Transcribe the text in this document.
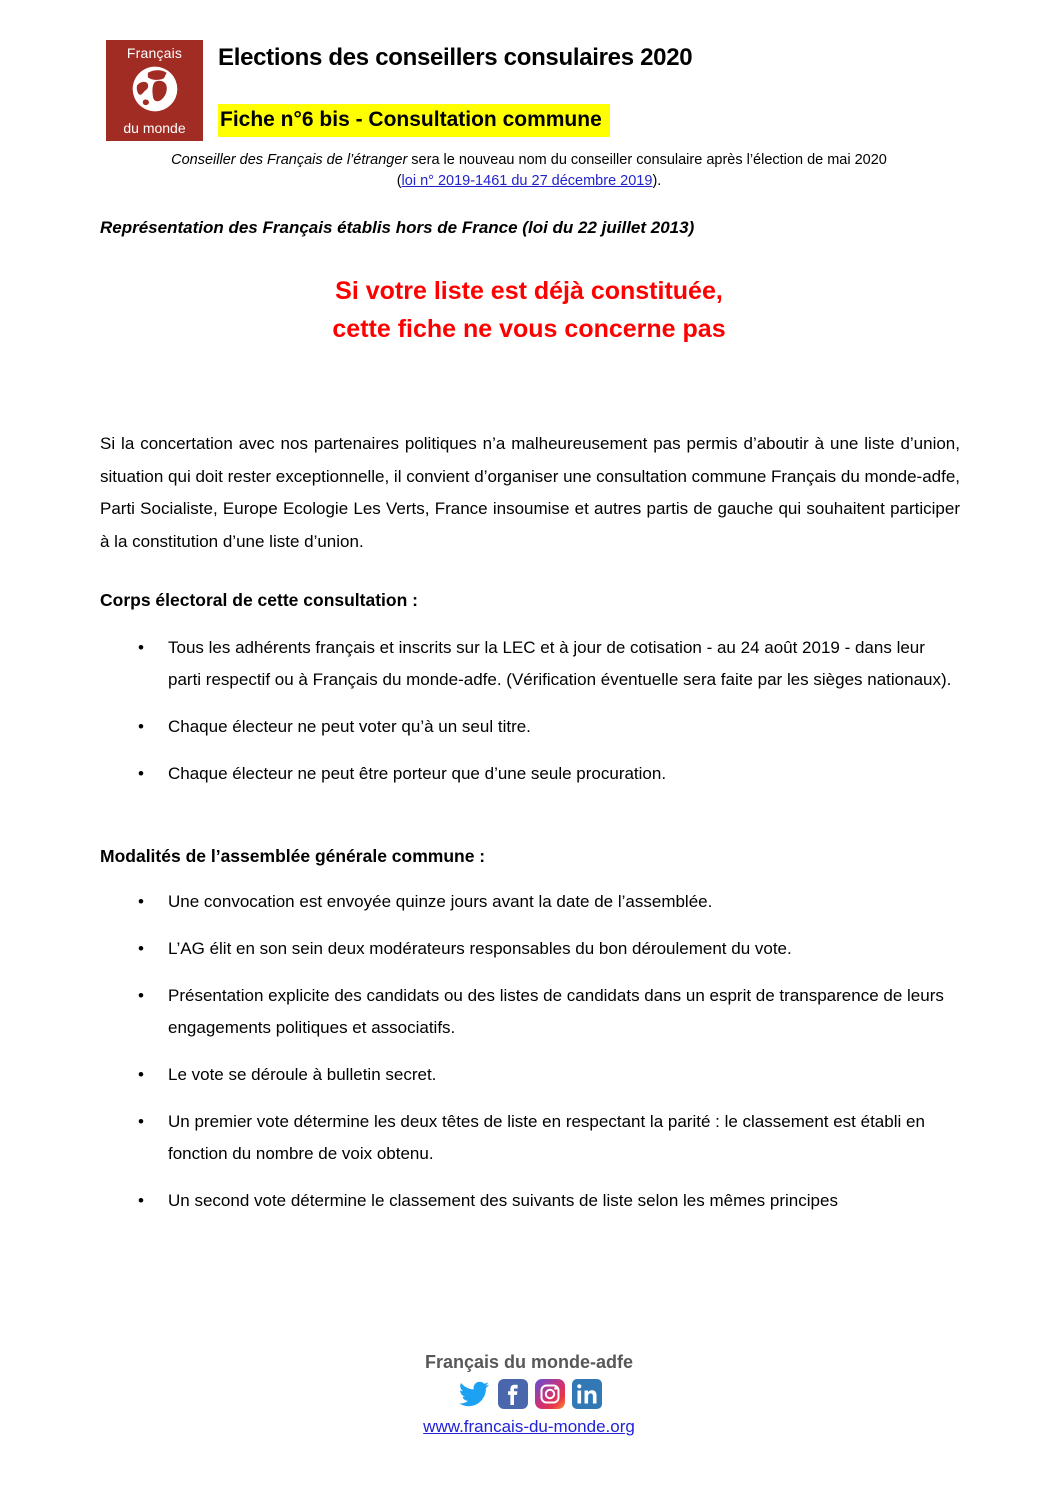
Français
du monde
Elections des conseillers consulaires 2020
Fiche n°6 bis - Consultation commune
Conseiller des Français de l’étranger sera le nouveau nom du conseiller consulaire après l’élection de mai 2020
(loi n° 2019-1461 du 27 décembre 2019).
Représentation des Français établis hors de France (loi du 22 juillet 2013)
Si votre liste est déjà constituée,
cette fiche ne vous concerne pas
Si la concertation avec nos partenaires politiques n’a malheureusement pas permis d’aboutir à une liste d’union, situation qui doit rester exceptionnelle, il convient d’organiser une consultation commune Français du monde-adfe, Parti Socialiste, Europe Ecologie Les Verts, France insoumise et autres partis de gauche qui souhaitent participer à la constitution d’une liste d’union.
Corps électoral de cette consultation :
• Tous les adhérents français et inscrits sur la LEC et à jour de cotisation - au 24 août 2019 - dans leur parti respectif ou à Français du monde-adfe. (Vérification éventuelle sera faite par les sièges nationaux).
• Chaque électeur ne peut voter qu’à un seul titre.
• Chaque électeur ne peut être porteur que d’une seule procuration.
Modalités de l’assemblée générale commune :
• Une convocation est envoyée quinze jours avant la date de l’assemblée.
• L’AG élit en son sein deux modérateurs responsables du bon déroulement du vote.
• Présentation explicite des candidats ou des listes de candidats dans un esprit de transparence de leurs engagements politiques et associatifs.
• Le vote se déroule à bulletin secret.
• Un premier vote détermine les deux têtes de liste en respectant la parité : le classement est établi en fonction du nombre de voix obtenu.
• Un second vote détermine le classement des suivants de liste selon les mêmes principes
Français du monde-adfe
www.francais-du-monde.org
